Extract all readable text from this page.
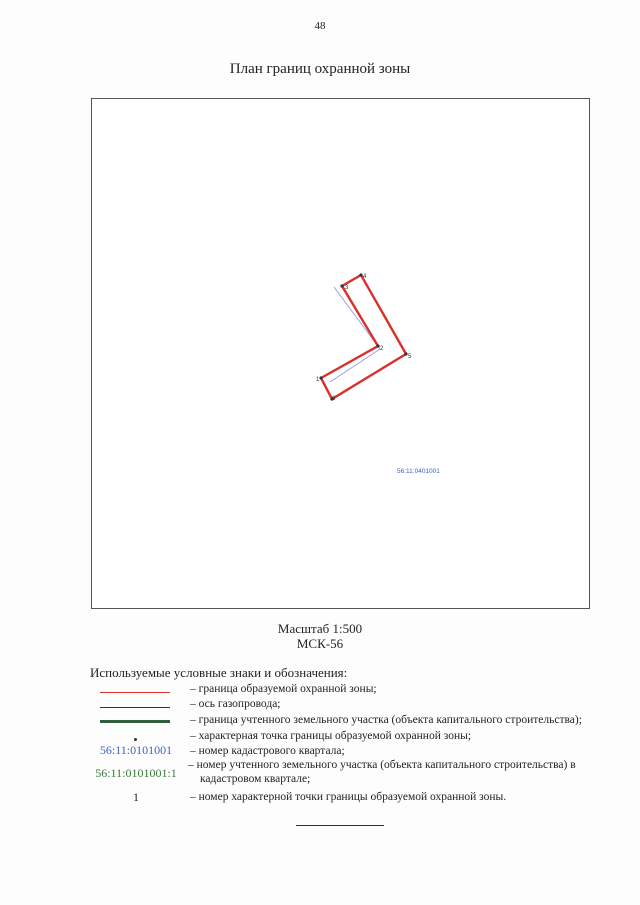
48
План границ охранной зоны
1
2
3
4
5
6
56:11:0401001
Масштаб 1:500
МСК-56
Используемые условные знаки и обозначения:
– граница образуемой охранной зоны;
– ось газопровода;
– граница учтенного земельного участка (объекта капитального строительства);
– характерная точка границы образуемой охранной зоны;
56:11:0101001	– номер кадастрового квартала;
56:11:0101001:1
– номер учтенного земельного участка (объекта капитального строительства) в
кадастровом квартале;
1	– номер характерной точки границы образуемой охранной зоны.
